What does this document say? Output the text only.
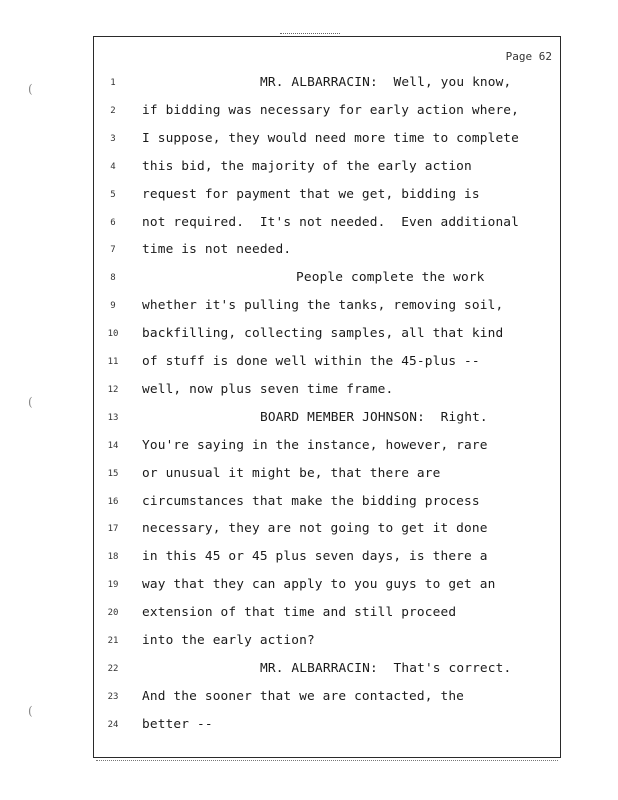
(
(
(
Page 62
1	MR. ALBARRACIN:  Well, you know,
2	if bidding was necessary for early action where,
3	I suppose, they would need more time to complete
4	this bid, the majority of the early action
5	request for payment that we get, bidding is
6	not required.  It's not needed.  Even additional
7	time is not needed.
8	People complete the work
9	whether it's pulling the tanks, removing soil,
10 backfilling, collecting samples, all that kind
11 of stuff is done well within the 45-plus --
12 well, now plus seven time frame.
13	BOARD MEMBER JOHNSON:  Right.
14 You're saying in the instance, however, rare
15 or unusual it might be, that there are
16 circumstances that make the bidding process
17 necessary, they are not going to get it done
18 in this 45 or 45 plus seven days, is there a
19 way that they can apply to you guys to get an
20 extension of that time and still proceed
21 into the early action?
22	MR. ALBARRACIN:  That's correct.
23 And the sooner that we are contacted, the
24 better --
